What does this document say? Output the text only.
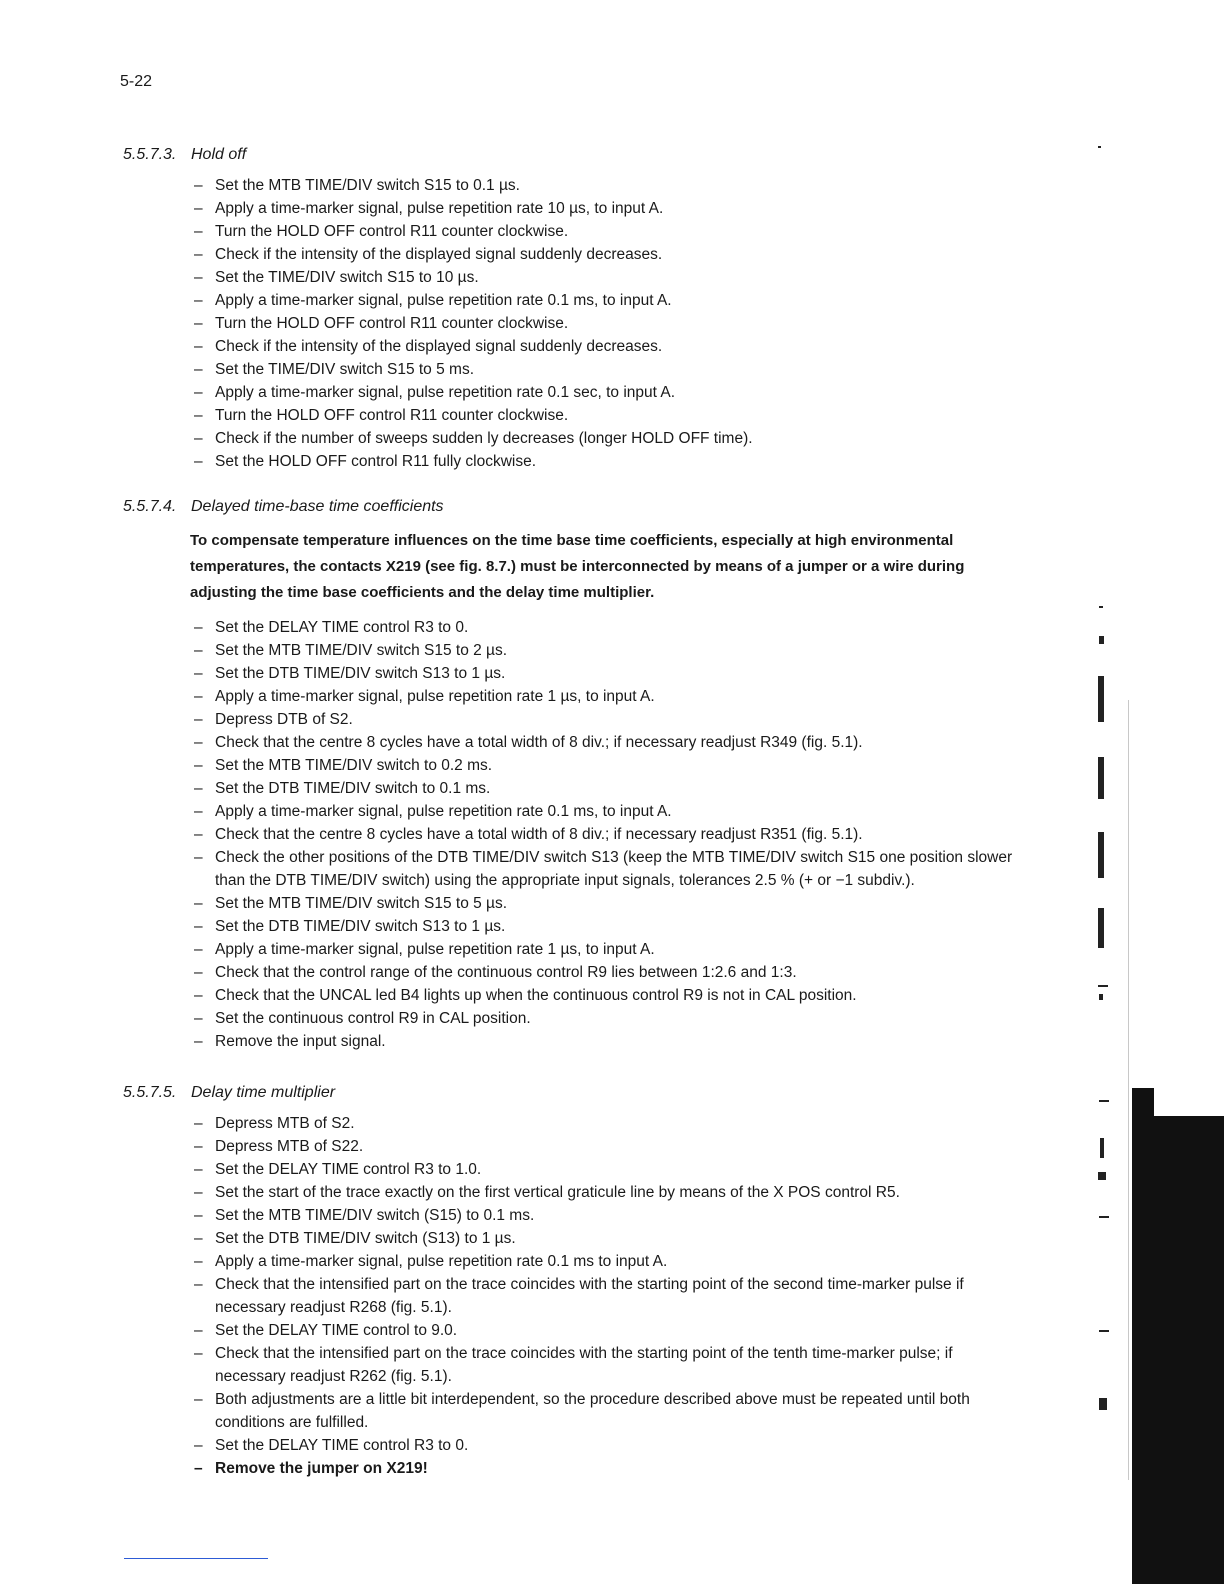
5-22
5.5.7.3. Hold off
– Set the MTB TIME/DIV switch S15 to 0.1 µs.
– Apply a time-marker signal, pulse repetition rate 10 µs, to input A.
– Turn the HOLD OFF control R11 counter clockwise.
– Check if the intensity of the displayed signal suddenly decreases.
– Set the TIME/DIV switch S15 to 10 µs.
– Apply a time-marker signal, pulse repetition rate 0.1 ms, to input A.
– Turn the HOLD OFF control R11 counter clockwise.
– Check if the intensity of the displayed signal suddenly decreases.
– Set the TIME/DIV switch S15 to 5 ms.
– Apply a time-marker signal, pulse repetition rate 0.1 sec, to input A.
– Turn the HOLD OFF control R11 counter clockwise.
– Check if the number of sweeps sudden ly decreases (longer HOLD OFF time).
– Set the HOLD OFF control R11 fully clockwise.
5.5.7.4. Delayed time-base time coefficients
To compensate temperature influences on the time base time coefficients, especially at high environmental temperatures, the contacts X219 (see fig. 8.7.) must be interconnected by means of a jumper or a wire during adjusting the time base coefficients and the delay time multiplier.
– Set the DELAY TIME control R3 to 0.
– Set the MTB TIME/DIV switch S15 to 2 µs.
– Set the DTB TIME/DIV switch S13 to 1 µs.
– Apply a time-marker signal, pulse repetition rate 1 µs, to input A.
– Depress DTB of S2.
– Check that the centre 8 cycles have a total width of 8 div.; if necessary readjust R349 (fig. 5.1).
– Set the MTB TIME/DIV switch to 0.2 ms.
– Set the DTB TIME/DIV switch to 0.1 ms.
– Apply a time-marker signal, pulse repetition rate 0.1 ms, to input A.
– Check that the centre 8 cycles have a total width of 8 div.; if necessary readjust R351 (fig. 5.1).
– Check the other positions of the DTB TIME/DIV switch S13 (keep the MTB TIME/DIV switch S15 one position slower than the DTB TIME/DIV switch) using the appropriate input signals, tolerances 2.5 % (+ or −1 subdiv.).
– Set the MTB TIME/DIV switch S15 to 5 µs.
– Set the DTB TIME/DIV switch S13 to 1 µs.
– Apply a time-marker signal, pulse repetition rate 1 µs, to input A.
– Check that the control range of the continuous control R9 lies between 1:2.6 and 1:3.
– Check that the UNCAL led B4 lights up when the continuous control R9 is not in CAL position.
– Set the continuous control R9 in CAL position.
– Remove the input signal.
5.5.7.5. Delay time multiplier
– Depress MTB of S2.
– Depress MTB of S22.
– Set the DELAY TIME control R3 to 1.0.
– Set the start of the trace exactly on the first vertical graticule line by means of the X POS control R5.
– Set the MTB TIME/DIV switch (S15) to 0.1 ms.
– Set the DTB TIME/DIV switch (S13) to 1 µs.
– Apply a time-marker signal, pulse repetition rate 0.1 ms to input A.
– Check that the intensified part on the trace coincides with the starting point of the second time-marker pulse if necessary readjust R268 (fig. 5.1).
– Set the DELAY TIME control to 9.0.
– Check that the intensified part on the trace coincides with the starting point of the tenth time-marker pulse; if necessary readjust R262 (fig. 5.1).
– Both adjustments are a little bit interdependent, so the procedure described above must be repeated until both conditions are fulfilled.
– Set the DELAY TIME control R3 to 0.
– Remove the jumper on X219!
